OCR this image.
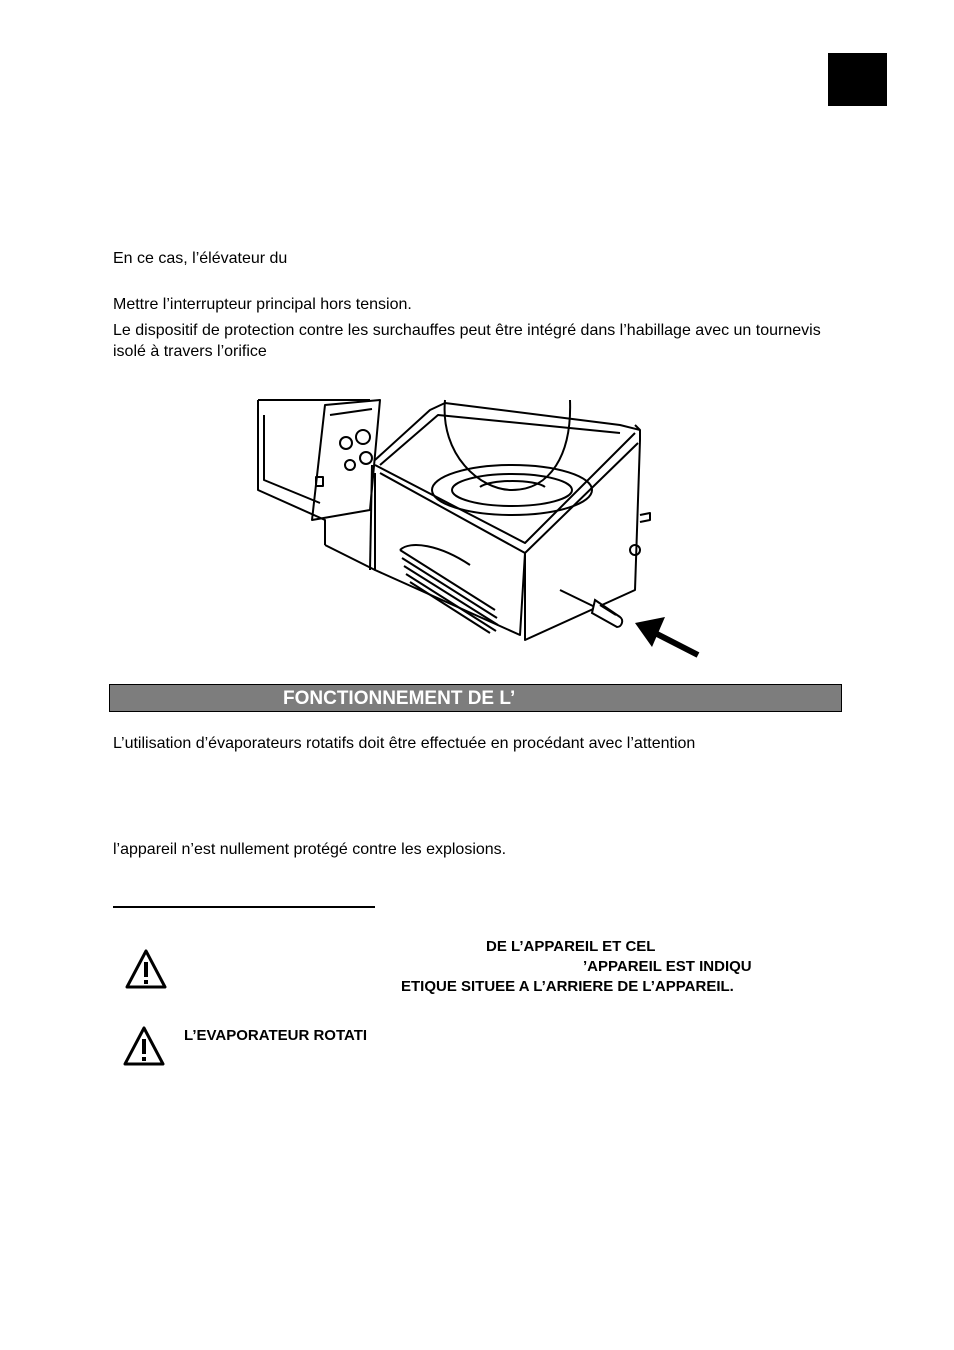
En ce cas, l’élévateur du
Mettre l’interrupteur principal hors tension.
Le dispositif de protection contre les surchauffes peut être intégré dans l’habillage avec un tournevis isolé à travers l’orifice
FONCTIONNEMENT DE L’
L’utilisation d’évaporateurs rotatifs doit être effectuée en procédant avec l’attention
l’appareil n’est nullement protégé contre les explosions.
DE L’APPAREIL ET CEL
’APPAREIL EST INDIQU
ETIQUE SITUEE A L’ARRIERE DE L’APPAREIL.
L’EVAPORATEUR ROTATI
